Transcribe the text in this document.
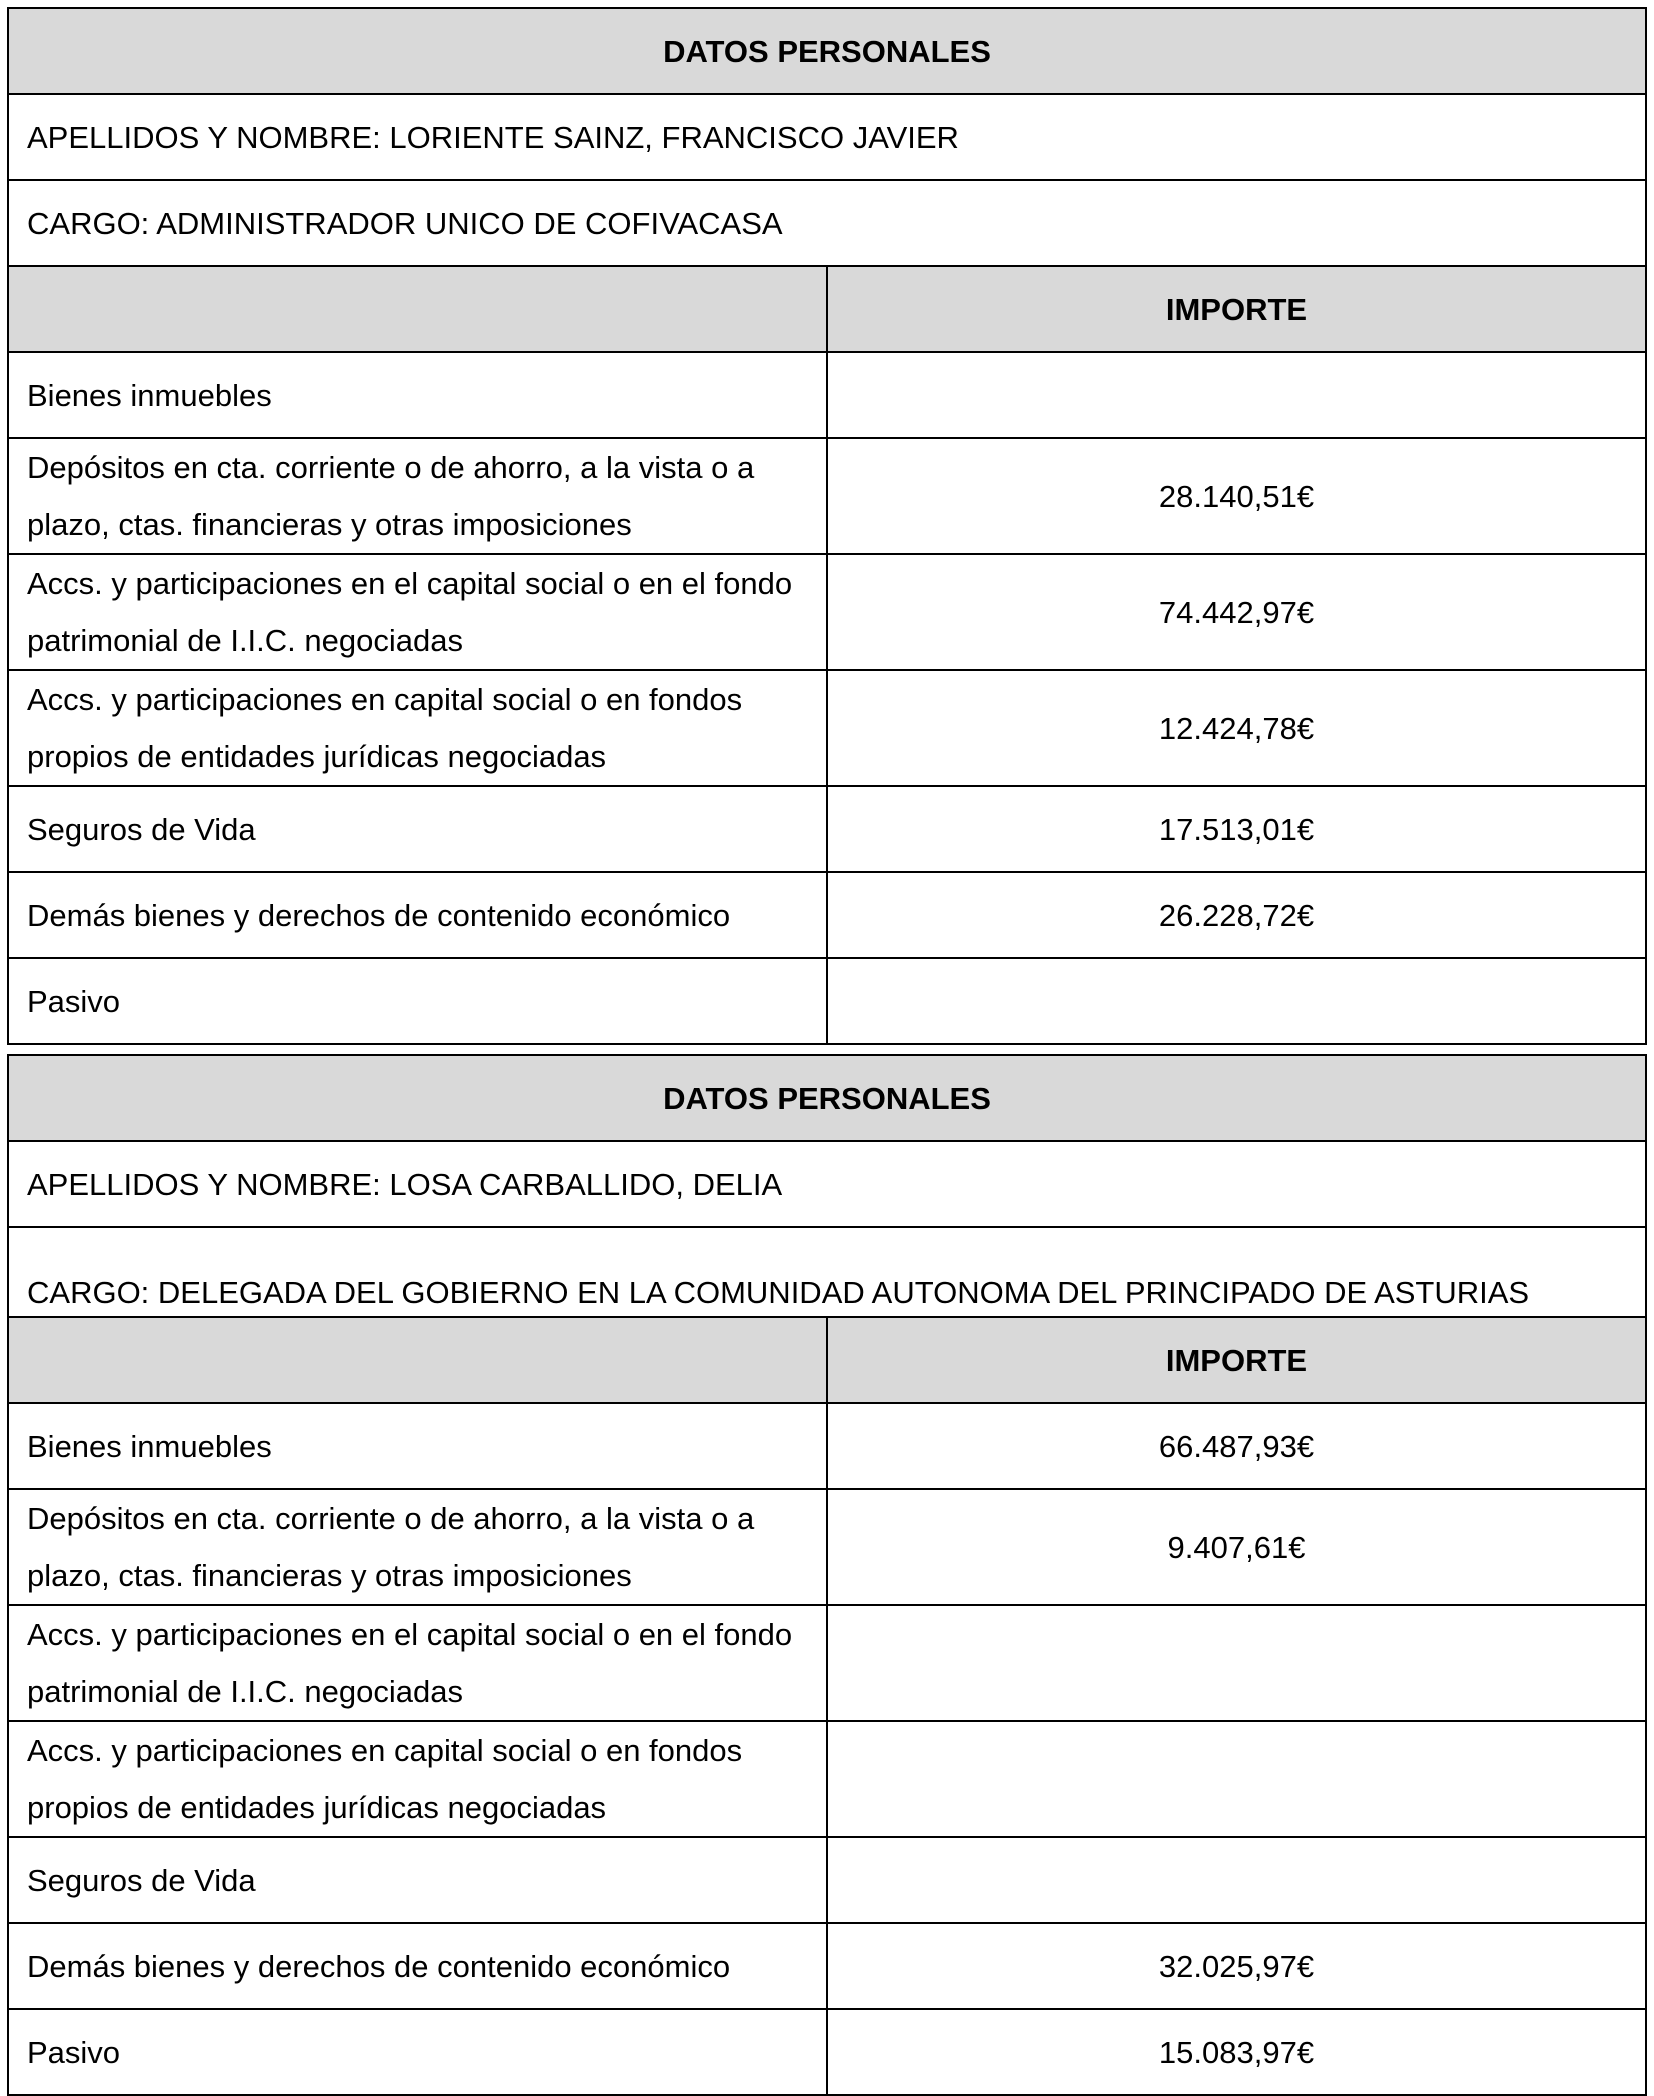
DATOS PERSONALES	
APELLIDOS Y NOMBRE: LORIENTE SAINZ, FRANCISCO JAVIER	
CARGO: ADMINISTRADOR UNICO DE COFIVACASA	
	IMPORTE
Bienes inmuebles	
Depósitos en cta. corriente o de ahorro, a la vista o a plazo, ctas. financieras y otras imposiciones	28.140,51€
Accs. y participaciones en el capital social o en el fondo patrimonial de I.I.C. negociadas	74.442,97€
Accs. y participaciones en capital social o en fondos propios de entidades jurídicas negociadas	12.424,78€
Seguros de Vida	17.513,01€
Demás bienes y derechos de contenido económico	26.228,72€
Pasivo	
DATOS PERSONALES	
APELLIDOS Y NOMBRE: LOSA CARBALLIDO, DELIA	
CARGO: DELEGADA DEL GOBIERNO EN LA COMUNIDAD AUTONOMA DEL PRINCIPADO DE ASTURIAS	
	IMPORTE
Bienes inmuebles	66.487,93€
Depósitos en cta. corriente o de ahorro, a la vista o a plazo, ctas. financieras y otras imposiciones	9.407,61€
Accs. y participaciones en el capital social o en el fondo patrimonial de I.I.C. negociadas	
Accs. y participaciones en capital social o en fondos propios de entidades jurídicas negociadas	
Seguros de Vida	
Demás bienes y derechos de contenido económico	32.025,97€
Pasivo	15.083,97€
